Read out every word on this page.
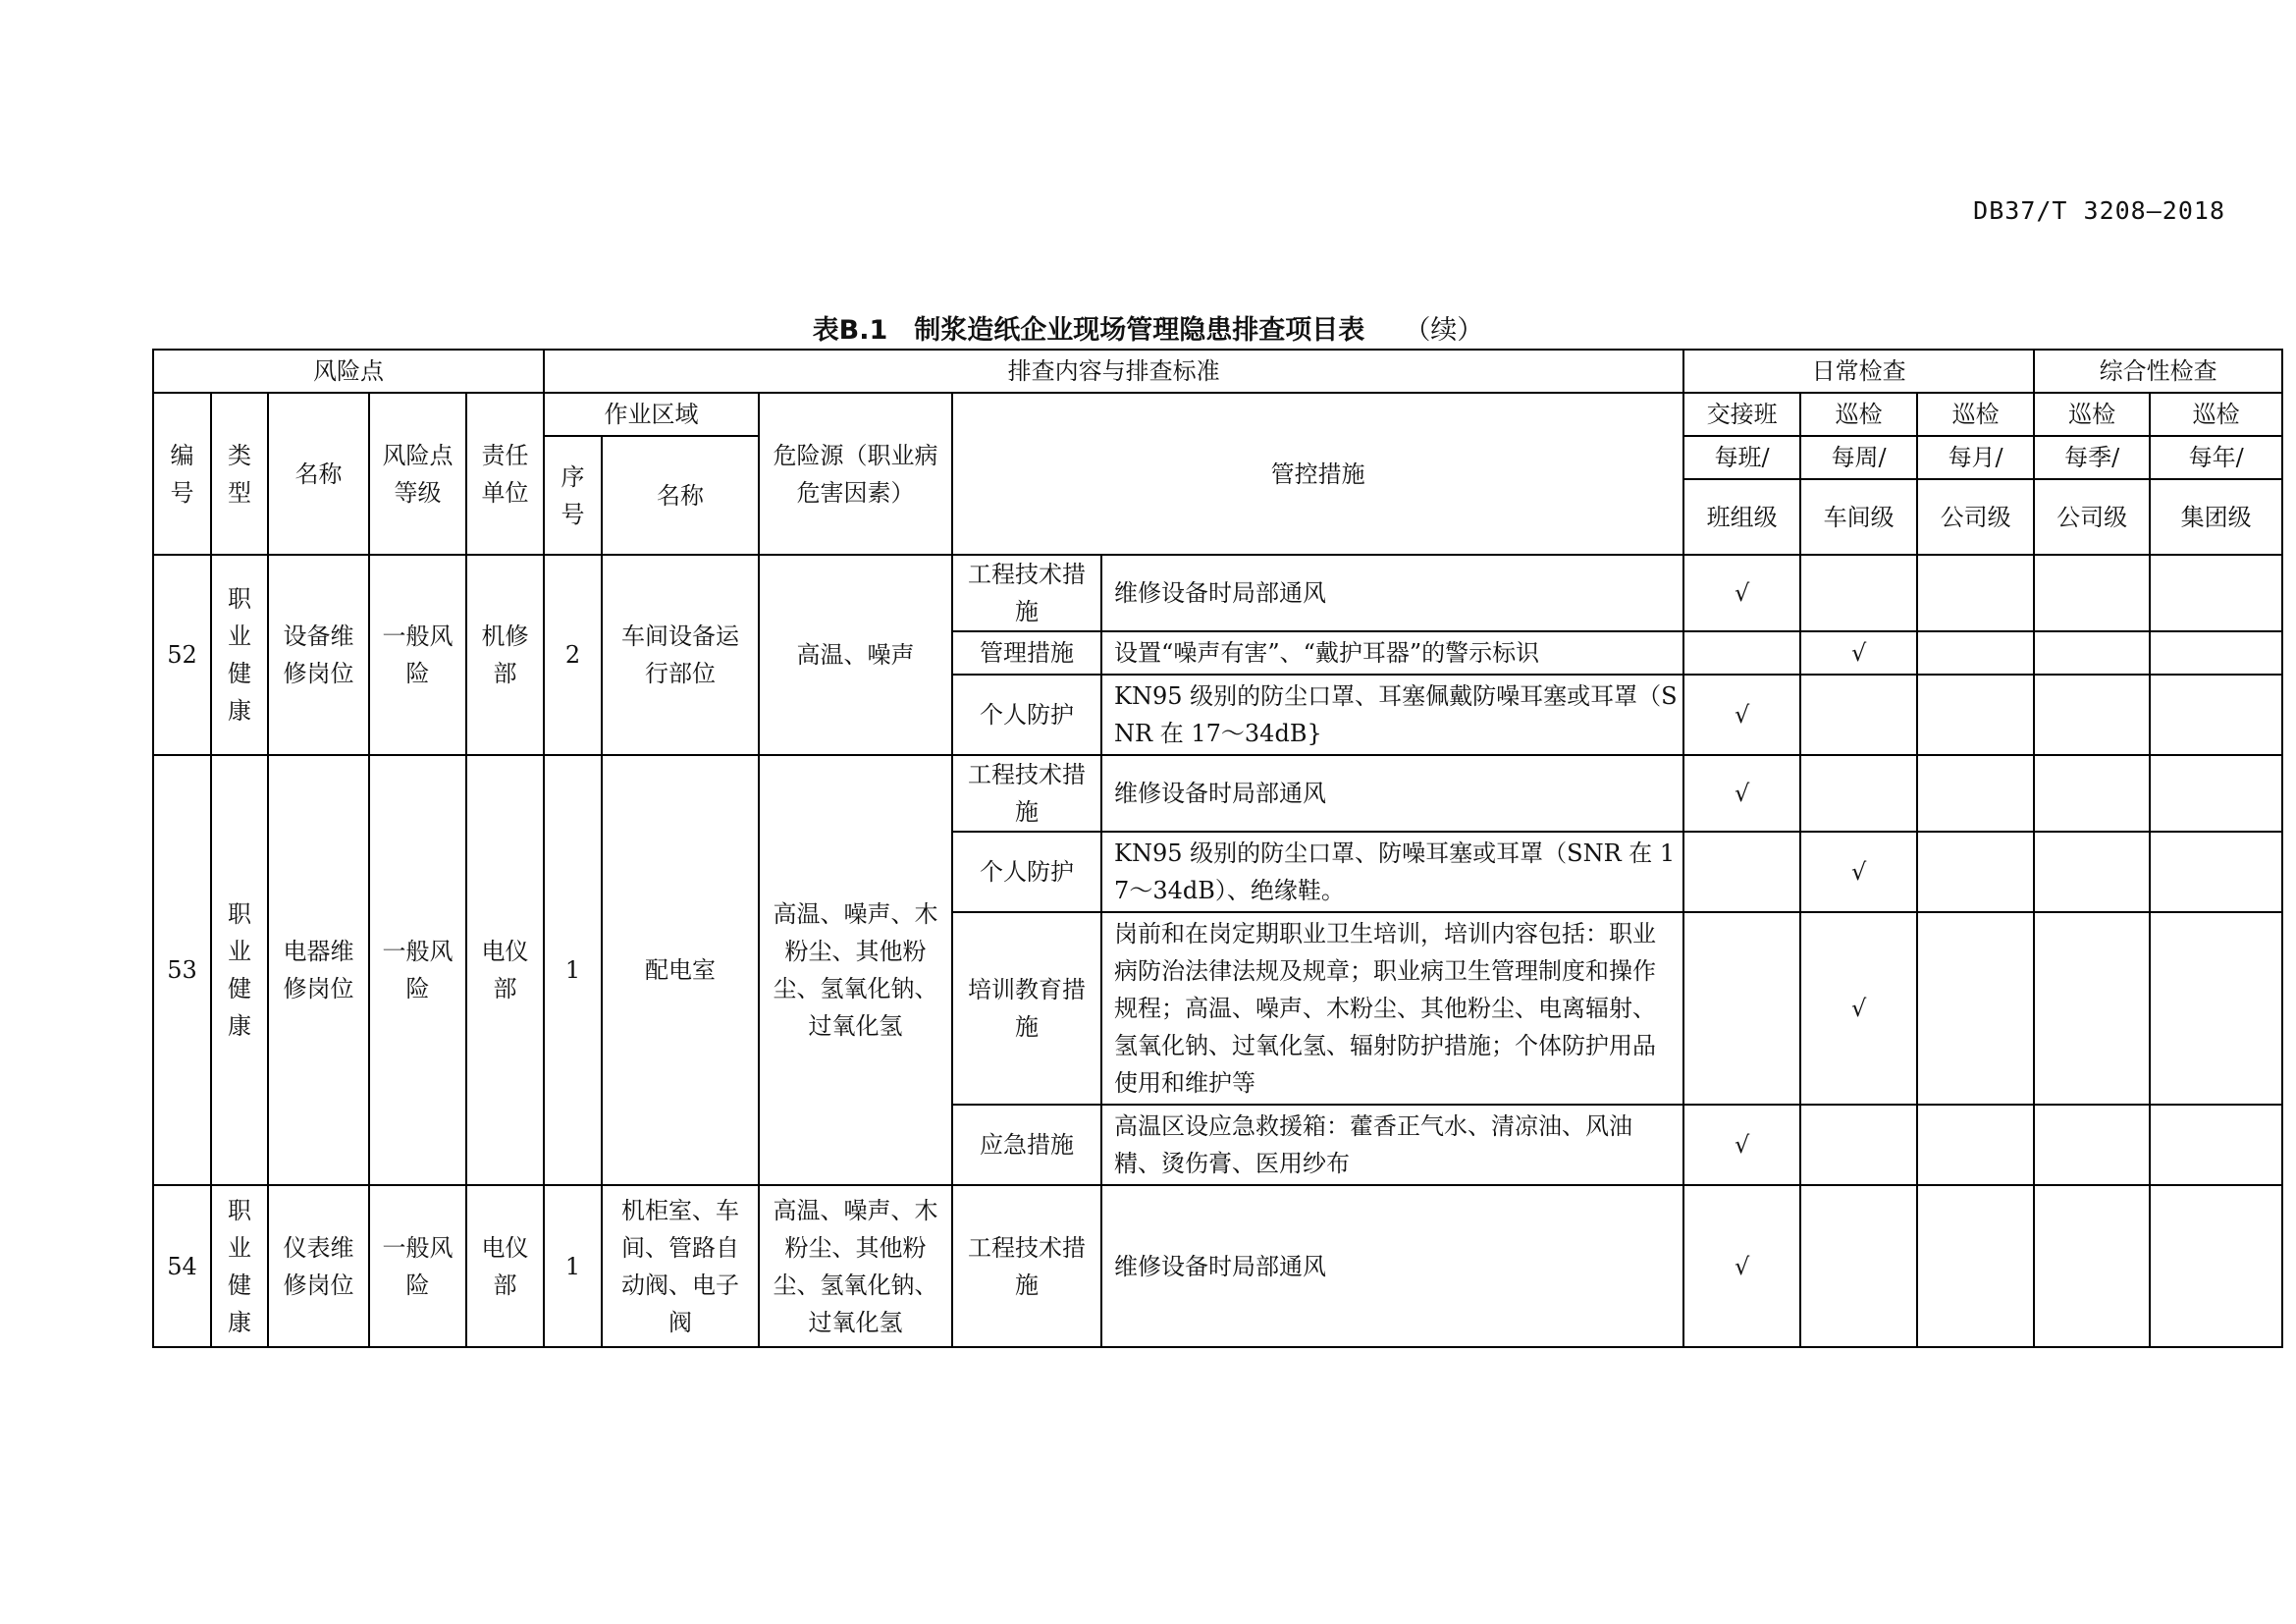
DB37/T 3208—2018
表B.1　制浆造纸企业现场管理隐患排查项目表 （续）
风险点					排查内容与排查标准					日常检查			综合性检查	
编号	类型	名称	风险点等级	责任单位	作业区域		危险源（职业病危害因素）	管控措施		交接班	巡检	巡检	巡检	巡检
					序号	名称				每班/	每周/	每月/	每季/	每年/
										班组级	车间级	公司级	公司级	集团级

52	职业健康	设备维修岗位	一般风险	机修部	2	车间设备运行部位	高温、噪声	工程技术措施	维修设备时局部通风	√				
								管理措施	设置“噪声有害”、“戴护耳器”的警示标识		√			
								个人防护	KN95 级别的防尘口罩、耳塞佩戴防噪耳塞或耳罩（SNR 在 17～34dB}	√				
53	职业健康	电器维修岗位	一般风险	电仪部	1	配电室	高温、噪声、木粉尘、其他粉尘、氢氧化钠、过氧化氢	工程技术措施	维修设备时局部通风	√				
								个人防护	KN95 级别的防尘口罩、防噪耳塞或耳罩（SNR 在 17～34dB）、绝缘鞋。		√			
								培训教育措施	岗前和在岗定期职业卫生培训，培训内容包括：职业病防治法律法规及规章；职业病卫生管理制度和操作规程；高温、噪声、木粉尘、其他粉尘、电离辐射、氢氧化钠、过氧化氢、辐射防护措施；个体防护用品使用和维护等		√			
								应急措施	高温区设应急救援箱：藿香正气水、清凉油、风油精、烫伤膏、医用纱布	√				
54	职业健康	仪表维修岗位	一般风险	电仪部	1	机柜室、车间、管路自动阀、电子阀	高温、噪声、木粉尘、其他粉尘、氢氧化钠、过氧化氢	工程技术措施	维修设备时局部通风	√				
